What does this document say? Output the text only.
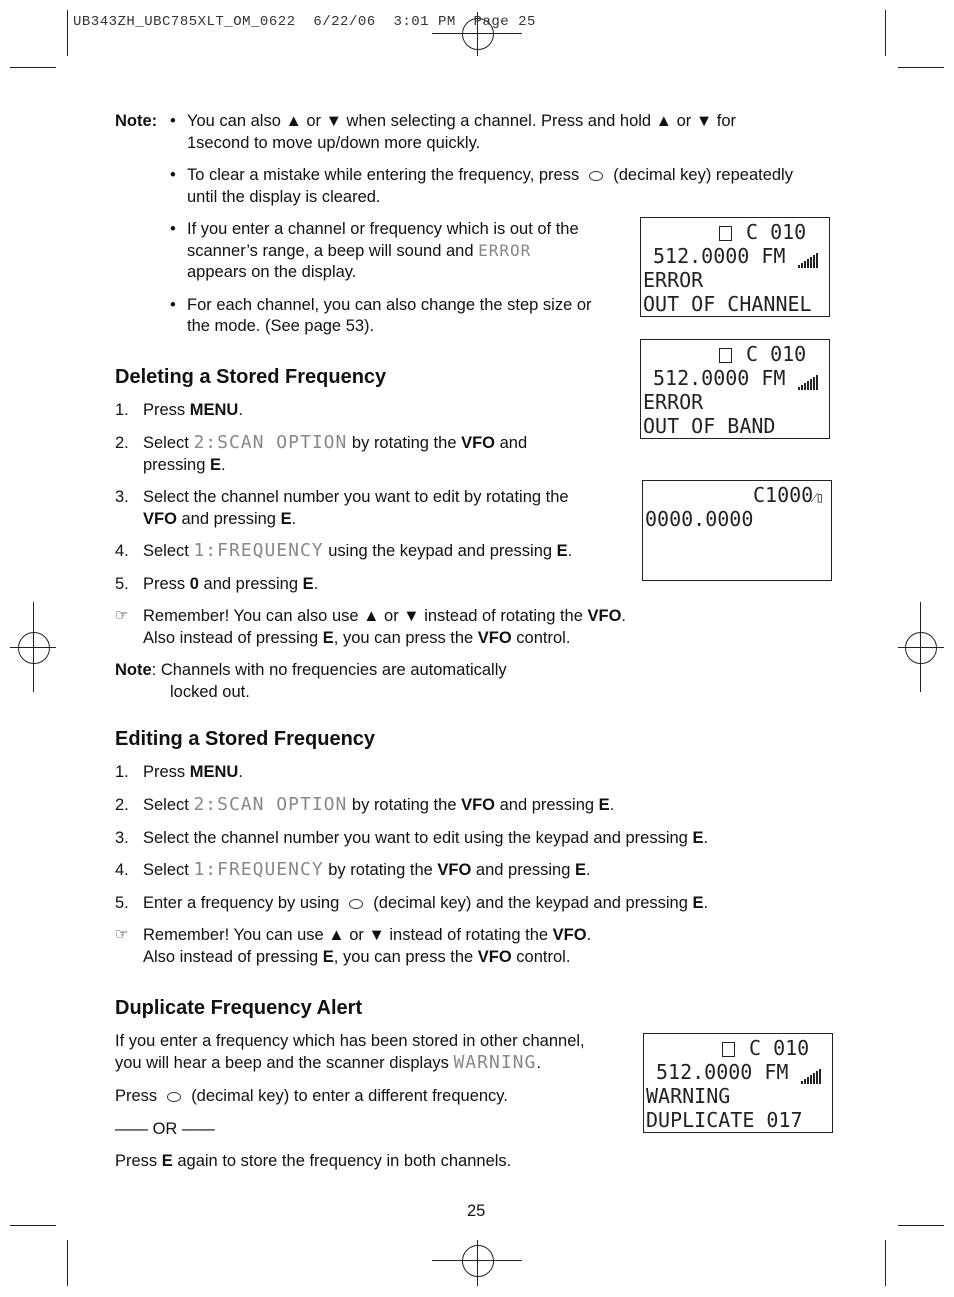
UB343ZH_UBC785XLT_OM_0622  6/22/06  3:01 PM  Page 25
Note: • You can also ▲ or ▼ when selecting a channel. Press and hold ▲ or ▼ for
1second to move up/down more quickly.
• To clear a mistake while entering the frequency, press (decimal key) repeatedly
until the display is cleared.
• If you enter a channel or frequency which is out of the
scanner’s range, a beep will sound and ERROR
appears on the display.
• For each channel, you can also change the step size or
the mode. (See page 53).
C 010
512.0000 FM
ERROR
OUT OF CHANNEL
C 010
512.0000 FM
ERROR
OUT OF BAND
C1000⁄▯
0000.0000
Deleting a Stored Frequency
1. Press MENU.
2. Select 2:SCAN OPTION by rotating the VFO and
pressing E.
3. Select the channel number you want to edit by rotating the
VFO and pressing E.
4. Select 1:FREQUENCY using the keypad and pressing E.
5. Press 0 and pressing E.
☞ Remember! You can also use ▲ or ▼ instead of rotating the VFO.
Also instead of pressing E, you can press the VFO control.
Note: Channels with no frequencies are automatically
locked out.
Editing a Stored Frequency
1. Press MENU.
2. Select 2:SCAN OPTION by rotating the VFO and pressing E.
3. Select the channel number you want to edit using the keypad and pressing E.
4. Select 1:FREQUENCY by rotating the VFO and pressing E.
5. Enter a frequency by using (decimal key) and the keypad and pressing E.
☞ Remember! You can use ▲ or ▼ instead of rotating the VFO.
Also instead of pressing E, you can press the VFO control.
Duplicate Frequency Alert
If you enter a frequency which has been stored in other channel,
you will hear a beep and the scanner displays WARNING.
Press (decimal key) to enter a different frequency.
—— OR ——
Press E again to store the frequency in both channels.
C 010
512.0000 FM
WARNING
DUPLICATE 017
25
